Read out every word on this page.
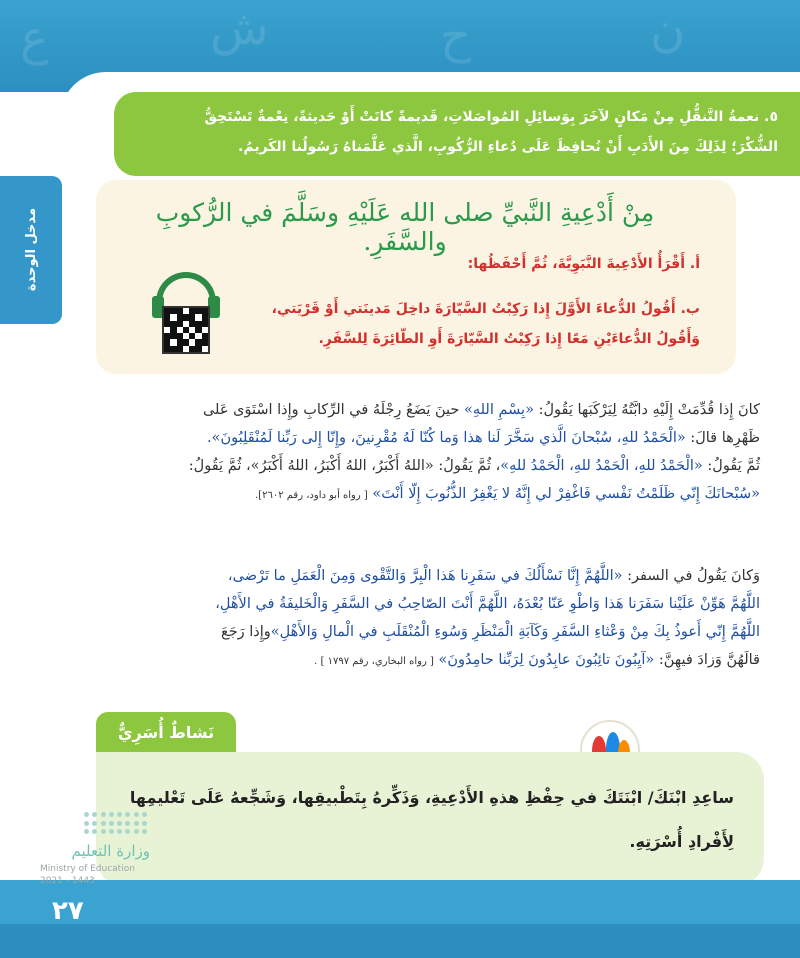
ع	ش	ح	ن
مدخل الوحدة
٥. نعمةُ التَّنقُّلِ مِنْ مَكانٍ لآخَرَ بِوَسائِلِ المُواصَلاتِ، قَديمةً كانَتْ أَوْ حَديثةً، نِعْمةٌ تَسْتَحِقُّ
الشُّكْرَ؛ لِذَلِكَ مِنَ الأَدَبِ أَنْ نُحافِظَ عَلَى دُعاءِ الرُّكُوبِ، الَّذي عَلَّمَناهُ رَسُولُنا الكَريمُ.
مِنْ أَدْعِيةِ النَّبيِّ صلى الله عَلَيْهِ وسَلَّمَ في الرُّكوبِ والسَّفَرِ.
أ. أَقْرَأُ الأَدْعِيةَ النَّبَوِيَّةَ، ثُمَّ أَحْفَظُها:
ب. أَقُولُ الدُّعاءَ الأَوَّلَ إِذا رَكِبْتُ السَّيّارَةَ داخِلَ مَدينَتي أَوْ قَرْيَتي،
وَأَقُولُ الدُّعاءَيْنِ مَعًا إِذا رَكِبْتُ السَّيّارَةَ أَوِ الطّائِرَةَ لِلسَّفَرِ.
كانَ إِذا قُدِّمَتْ إِلَيْهِ دابَّتُهُ لِيَرْكَبَها يَقُولُ: «بِسْمِ اللهِ» حينَ يَضَعُ رِجْلَهُ في الرِّكابِ وإِذا اسْتَوَى عَلى
ظَهْرِها قالَ: «الْحَمْدُ للهِ، سُبْحانَ الَّذي سَخَّرَ لَنا هذا وَما كُنّا لَهُ مُقْرِنينَ، وإِنّا إِلى رَبِّنا لَمُنْقَلِبُونَ».
ثُمَّ يَقُولُ: «الْحَمْدُ للهِ، الْحَمْدُ للهِ، الْحَمْدُ للهِ»، ثُمَّ يَقُولُ: «اللهُ أَكْبَرُ، اللهُ أَكْبَرُ، اللهُ أَكْبَرُ»، ثُمَّ يَقُولُ:
«سُبْحانَكَ إِنّي ظَلَمْتُ نَفْسي فَاغْفِرْ لي إِنَّهُ لا يَغْفِرُ الذُّنُوبَ إِلّا أَنْتَ» [ رواه أبو داود، رقم ٢٦٠٢].
وَكانَ يَقُولُ في السفر: «اللَّهُمَّ إِنَّا نَسْأَلُكَ في سَفَرِنا هَذا الْبِرَّ وَالتَّقْوى وَمِنَ الْعَمَلِ ما تَرْضى،
اللَّهُمَّ هَوِّنْ عَلَيْنا سَفَرَنا هَذا وَاطْوِ عَنّا بُعْدَهُ، اللَّهُمَّ أَنْتَ الصّاحِبُ في السَّفَرِ وَالْخَليفَةُ في الأَهْلِ،
اللَّهُمَّ إِنّي أَعوذُ بِكَ مِنْ وَعْثاءِ السَّفَرِ وَكَآبَةِ الْمَنْظَرِ وَسُوءِ الْمُنْقَلَبِ في الْمالِ وَالأَهْلِ»وإِذا رَجَعَ
قالَهُنَّ وَزادَ فيهِنَّ: «آيِبُونَ تائِبُونَ عابِدُونَ لِرَبِّنا حامِدُونَ» [ رواه البخاري، رقم ١٧٩٧ ] .
نَشاطٌ أُسَرِيٌّ
ساعِدِ ابْنَكَ/ ابْنَتَكَ في حِفْظِ هذهِ الأَدْعِيةِ، وَذَكِّرهُ بِتَطْبيقِها، وَشَجِّعهُ عَلَى تَعْليمِها
لِأَفْرادِ أُسْرَتِهِ.
٢٧
وزارة التعليم
Ministry of Education
2021 - 1443
